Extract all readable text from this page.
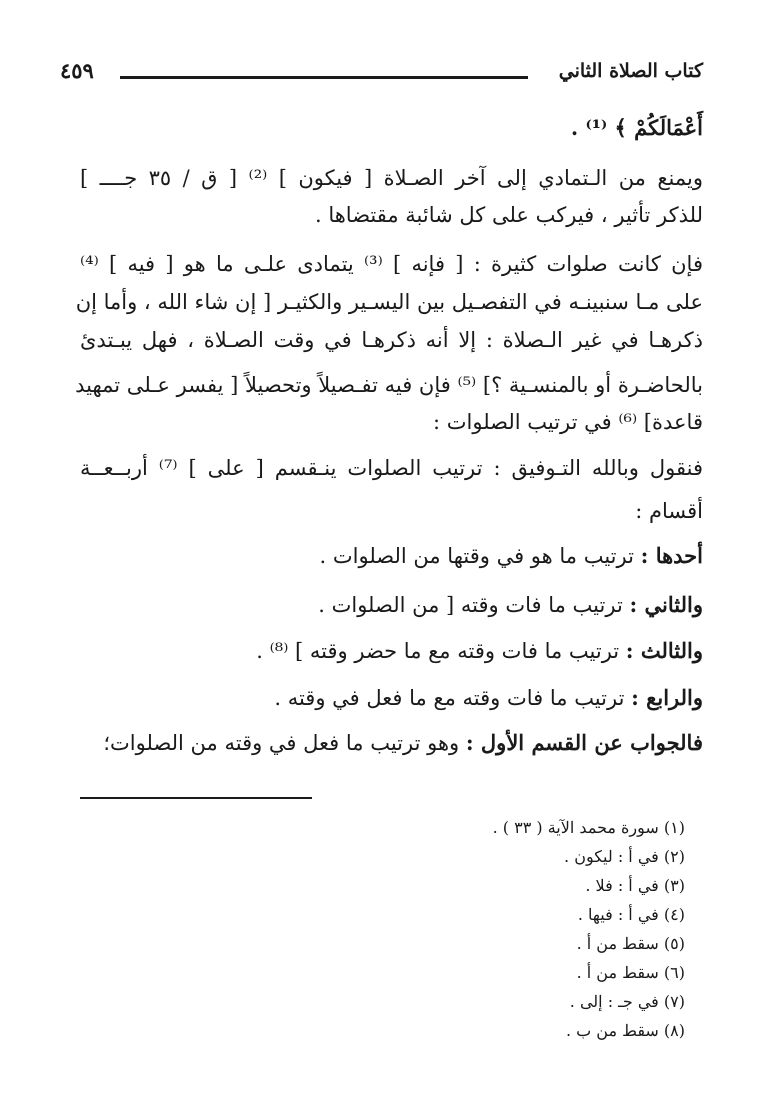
كتاب الصلاة الثاني
٤٥٩
أَعْمَالَكُمْ ﴾ ⁽¹⁾ .
ويمنع من الـتمادي إلى آخر الصـلاة [ فيكون ] ⁽²⁾ [ ق / ٣٥ جــــ ]
للذكر تأثير ، فيركب على كل شائبة مقتضاها .
فإن كانت صلوات كثيرة : [ فإنه ] ⁽³⁾ يتمادى علـى ما هو [ فيه ] ⁽⁴⁾
على مـا سنبينـه في التفصـيل بين اليسـير والكثيـر [ إن شاء الله ، وأما إن
ذكرهـا في غير الـصلاة : إلا أنه ذكرهـا في وقت الصـلاة ، فهل يبـتدئ
بالحاضـرة أو بالمنسـية ؟] ⁽⁵⁾ فإن فيه تفـصيلاً وتحصيلاً [ يفسر عـلى تمهيد
قاعدة] ⁽⁶⁾ في ترتيب الصلوات :
فنقول وبالله التـوفيق : ترتيب الصلوات ينـقسم [ على ] ⁽⁷⁾ أربــعــة
أقسام :
أحدها : ترتيب ما هو في وقتها من الصلوات .
والثاني : ترتيب ما فات وقته [ من الصلوات .
والثالث : ترتيب ما فات وقته مع ما حضر وقته ] ⁽⁸⁾ .
والرابع : ترتيب ما فات وقته مع ما فعل في وقته .
فالجواب عن القسم الأول : وهو ترتيب ما فعل في وقته من الصلوات؛
(١) سورة محمد الآية ( ٣٣ ) .
(٢) في أ : ليكون .
(٣) في أ : فلا .
(٤) في أ : فيها .
(٥) سقط من أ .
(٦) سقط من أ .
(٧) في جـ : إلى .
(٨) سقط من ب .
